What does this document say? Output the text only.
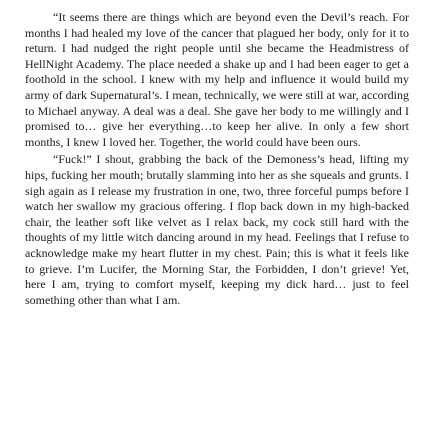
“It seems there are things which are beyond even the Devil’s reach. For months I had healed my love of the cancer that plagued her body, only for it to return. I had nudged the right people until she became the Headmistress of HellNight Academy. The place needed a shake up and I had been eager to get a foothold in the school. I knew with my help and influence it would build my army of dark Supernatural’s. I mean, technically, we were still at war, according to Michael anyway. A deal was a deal. She gave her body to me willingly and I promised to… give her everything…to keep her alive. In only a few short months, I knew I loved her. Together, the world could have been ours.

“Fuck!” I shout, grabbing the back of the Demoness’s head, lifting my hips, fucking her mouth; brutally slamming into her as she squeals and grunts. I sigh again as I release my frustration in one, two, three forceful pumps before I watch her swallow my gracious offering. I flop back down in my high-backed chair, the leather soft like velvet as I relax back, my cock still hard with the thoughts of my little witch dancing around in my head. Feelings that I refuse to acknowledge make my heart flutter in my chest. Pain; this is what it feels like to grieve. I’m Lucifer, the Morning Star, the Forbidden, I don’t grieve! Yet, here I am, trying to comfort myself, keeping my dick hard… just to feel something other than what I am.
